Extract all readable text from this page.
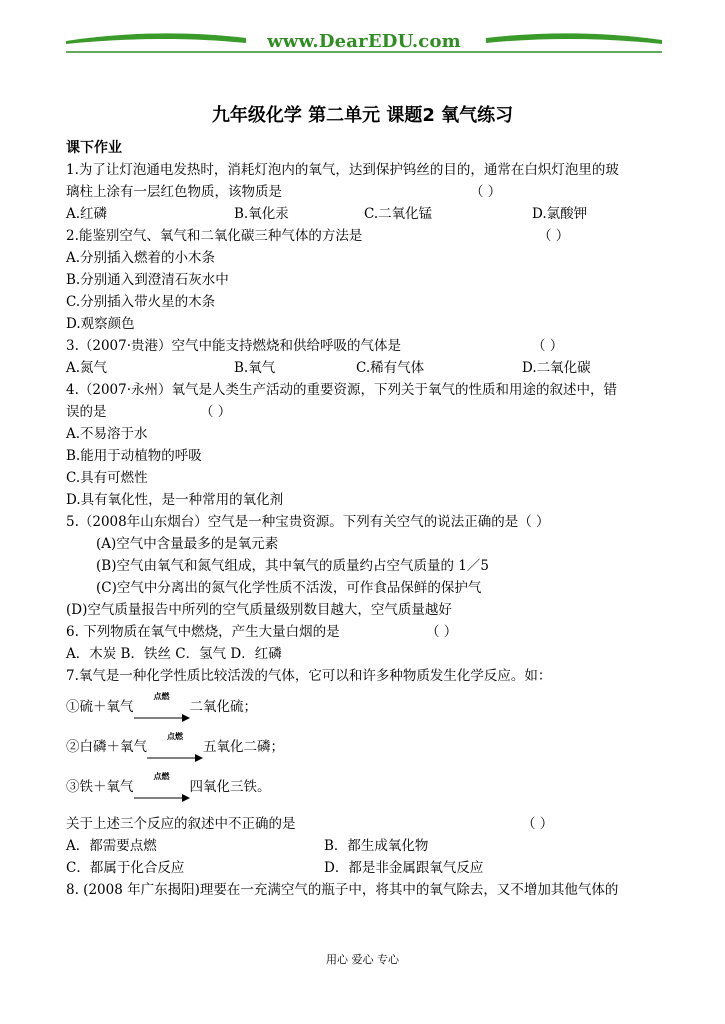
www.DearEDU.com
九年级化学 第二单元 课题2 氧气练习
课下作业
1.为了让灯泡通电发热时，消耗灯泡内的氧气，达到保护钨丝的目的，通常在白炽灯泡里的玻
璃柱上涂有一层红色物质，该物质是	（ ）
A.红磷	B.氧化汞	C.二氧化锰	D.氯酸钾
2.能鉴别空气、氧气和二氧化碳三种气体的方法是	（ ）
A.分别插入燃着的小木条
B.分别通入到澄清石灰水中
C.分别插入带火星的木条
D.观察颜色
3.（2007·贵港）空气中能支持燃烧和供给呼吸的气体是	（ ）
A.氮气	B.氧气	C.稀有气体	D.二氧化碳
4.（2007·永州）氧气是人类生产活动的重要资源，下列关于氧气的性质和用途的叙述中，错
误的是	（ ）
A.不易溶于水
B.能用于动植物的呼吸
C.具有可燃性
D.具有氧化性，是一种常用的氧化剂
5.（2008年山东烟台）空气是一种宝贵资源。下列有关空气的说法正确的是（ ）
(A)空气中含量最多的是氧元素
(B)空气由氧气和氮气组成，其中氧气的质量约占空气质量的 1／5
(C)空气中分离出的氮气化学性质不活泼，可作食品保鲜的保护气
(D)空气质量报告中所列的空气质量级别数目越大，空气质量越好
6. 下列物质在氧气中燃烧，产生大量白烟的是	（ ）
A．木炭 B．铁丝 C．氢气 D．红磷
7.氧气是一种化学性质比较活泼的气体，它可以和许多种物质发生化学反应。如：
①硫＋氧气
点燃
二氧化硫；
②白磷＋氧气
点燃
五氧化二磷；
③铁＋氧气
点燃
四氧化三铁。
关于上述三个反应的叙述中不正确的是	（ ）
A．都需要点燃	B．都生成氧化物
C．都属于化合反应	D．都是非金属跟氧气反应
8. (2008 年广东揭阳)理要在一充满空气的瓶子中，将其中的氧气除去，又不增加其他气体的
用心 爱心 专心
